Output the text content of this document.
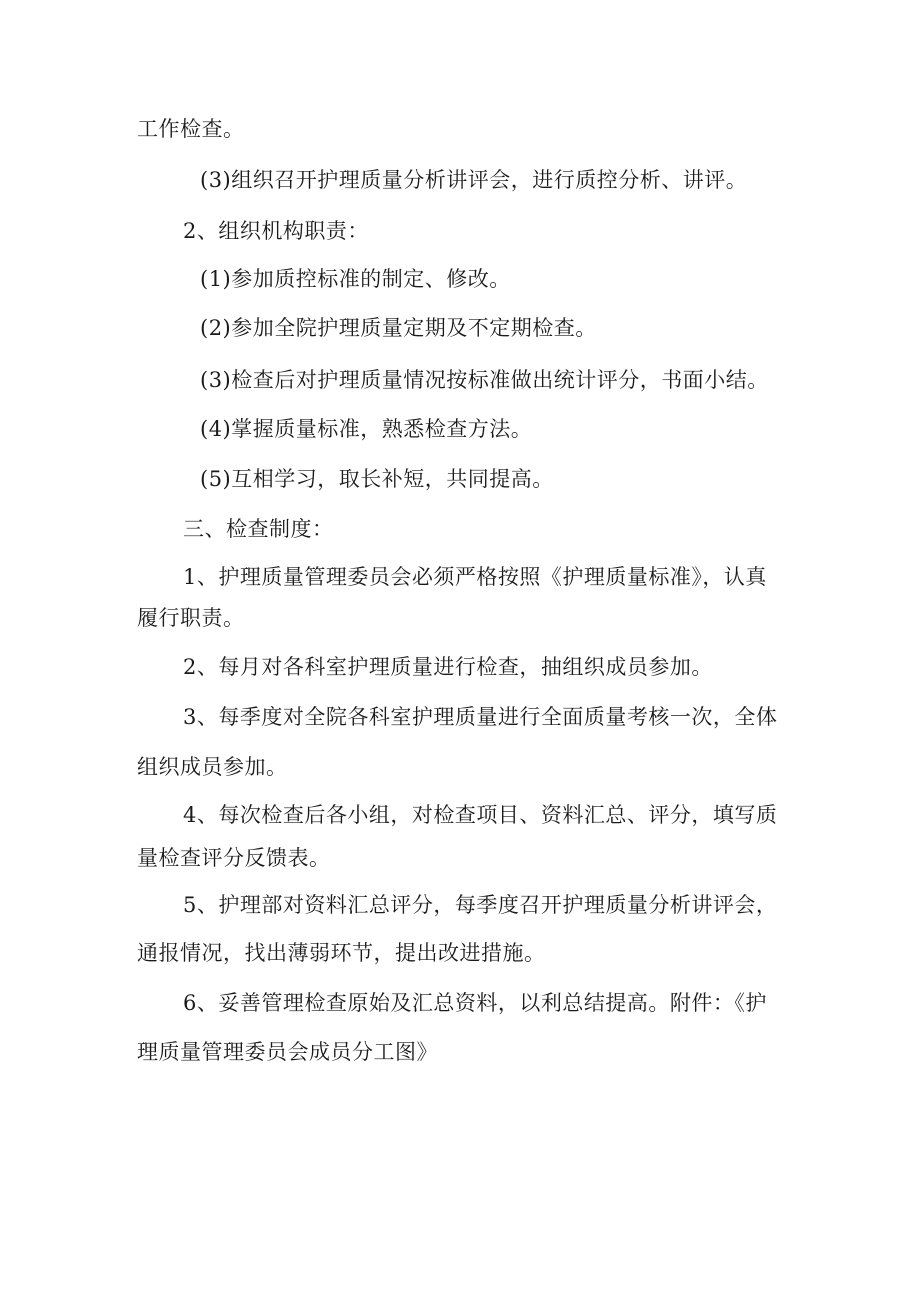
工作检查。
(3)组织召开护理质量分析讲评会，进行质控分析、讲评。
2、组织机构职责：
(1)参加质控标准的制定、修改。
(2)参加全院护理质量定期及不定期检查。
(3)检查后对护理质量情况按标准做出统计评分，书面小结。
(4)掌握质量标准，熟悉检查方法。
(5)互相学习，取长补短，共同提高。
三、检查制度：
1、护理质量管理委员会必须严格按照《护理质量标准》，认真
履行职责。
2、每月对各科室护理质量进行检查，抽组织成员参加。
3、每季度对全院各科室护理质量进行全面质量考核一次，全体
组织成员参加。
4、每次检查后各小组，对检查项目、资料汇总、评分，填写质
量检查评分反馈表。
5、护理部对资料汇总评分，每季度召开护理质量分析讲评会，
通报情况，找出薄弱环节，提出改进措施。
6、妥善管理检查原始及汇总资料，以利总结提高。附件：《护
理质量管理委员会成员分工图》
